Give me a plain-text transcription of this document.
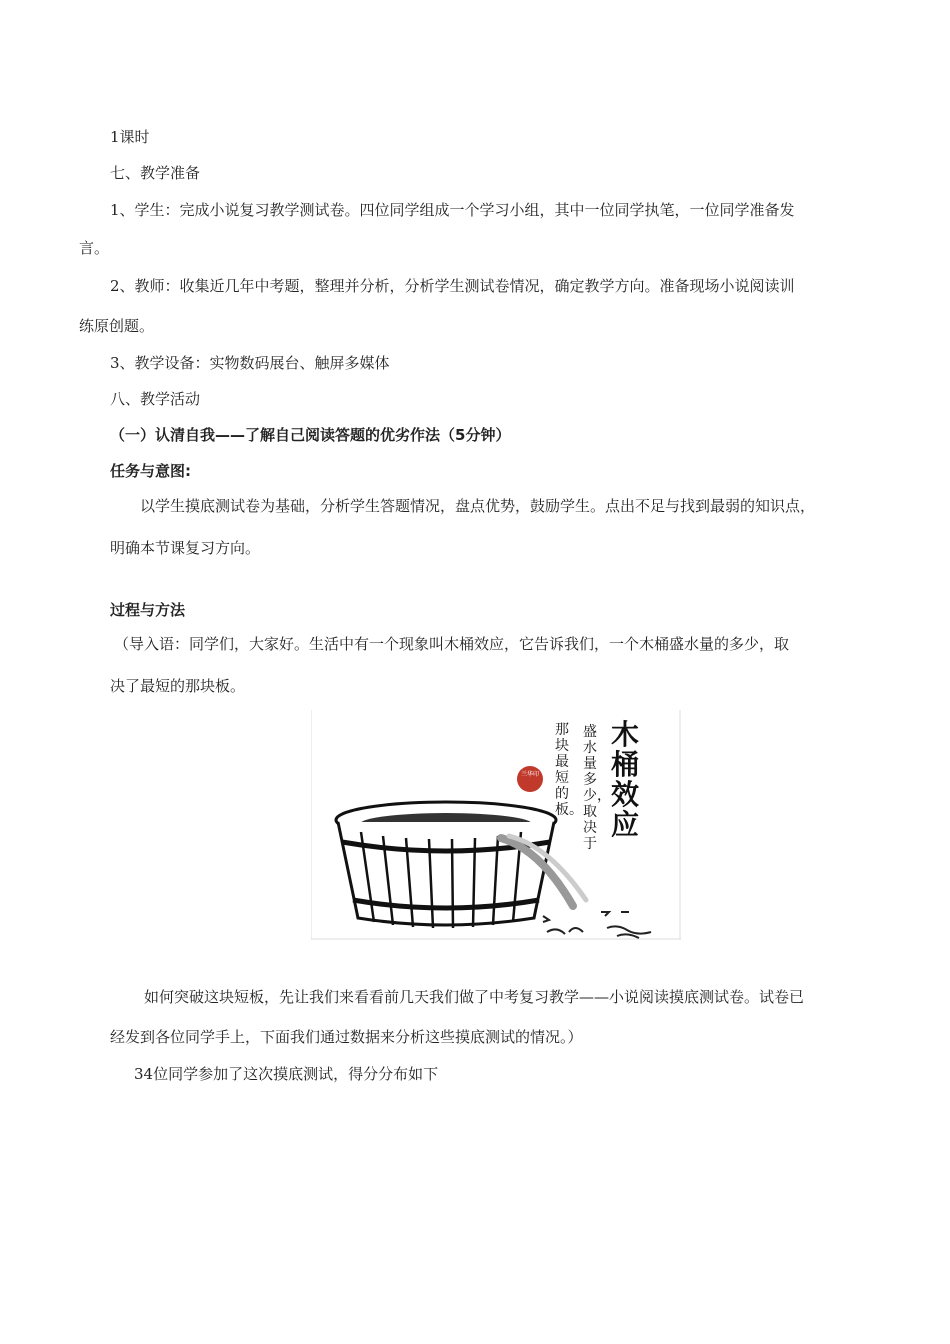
1课时
七、教学准备
1、学生：完成小说复习教学测试卷。四位同学组成一个学习小组，其中一位同学执笔，一位同学准备发
言。
2、教师：收集近几年中考题，整理并分析，分析学生测试卷情况，确定教学方向。准备现场小说阅读训
练原创题。
3、教学设备：实物数码展台、触屏多媒体
八、教学活动
（一）认清自我——了解自己阅读答题的优劣作法（5分钟）
任务与意图:
以学生摸底测试卷为基础，分析学生答题情况，盘点优势，鼓励学生。点出不足与找到最弱的知识点，
明确本节课复习方向。
过程与方法
（导入语：同学们，大家好。生活中有一个现象叫木桶效应，它告诉我们，一个木桶盛水量的多少，取
决了最短的那块板。
木桶效应
盛水量多少，取决于
那块最短的板。
兰华印
如何突破这块短板，先让我们来看看前几天我们做了中考复习教学——小说阅读摸底测试卷。试卷已
经发到各位同学手上，下面我们通过数据来分析这些摸底测试的情况。）
34位同学参加了这次摸底测试，得分分布如下
